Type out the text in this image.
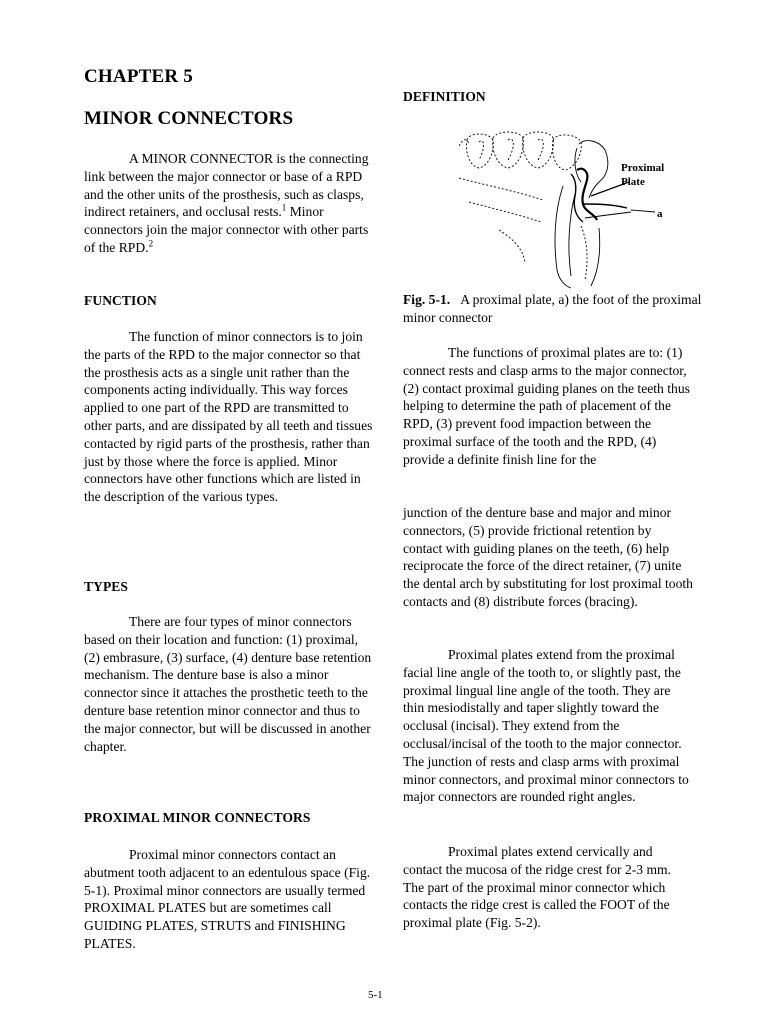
CHAPTER 5
MINOR CONNECTORS

A MINOR CONNECTOR is the connecting link between the major connector or base of a RPD and the other units of the prosthesis, such as clasps, indirect retainers, and occlusal rests.$^1$ Minor connectors join the major connector with other parts of the RPD.$^2$

FUNCTION

The function of minor connectors is to join the parts of the RPD to the major connector so that the prosthesis acts as a single unit rather than the components acting individually. This way forces applied to one part of the RPD are transmitted to other parts, and are dissipated by all teeth and tissues contacted by rigid parts of the prosthesis, rather than just by those where the force is applied. Minor connectors have other functions which are listed in the description of the various types.

TYPES

There are four types of minor connectors based on their location and function: (1) proximal, (2) embrasure, (3) surface, (4) denture base retention mechanism. The denture base is also a minor connector since it attaches the prosthetic teeth to the denture base retention minor connector and thus to the major connector, but will be discussed in another chapter.

PROXIMAL MINOR CONNECTORS

Proximal minor connectors contact an abutment tooth adjacent to an edentulous space (Fig. 5-1). Proximal minor connectors are usually termed PROXIMAL PLATES but are sometimes call GUIDING PLATES, STRUTS and FINISHING PLATES.

DEFINITION

Proximal
Plate
a

Fig. 5-1. A proximal plate, a) the foot of the proximal minor connector

The functions of proximal plates are to: (1) connect rests and clasp arms to the major connector, (2) contact proximal guiding planes on the teeth thus helping to determine the path of placement of the RPD, (3) prevent food impaction between the proximal surface of the tooth and the RPD, (4) provide a definite finish line for the

junction of the denture base and major and minor connectors, (5) provide frictional retention by contact with guiding planes on the teeth, (6) help reciprocate the force of the direct retainer, (7) unite the dental arch by substituting for lost proximal tooth contacts and (8) distribute forces (bracing).

Proximal plates extend from the proximal facial line angle of the tooth to, or slightly past, the proximal lingual line angle of the tooth. They are thin mesiodistally and taper slightly toward the occlusal (incisal). They extend from the occlusal/incisal of the tooth to the major connector. The junction of rests and clasp arms with proximal minor connectors, and proximal minor connectors to major connectors are rounded right angles.

Proximal plates extend cervically and contact the mucosa of the ridge crest for 2-3 mm. The part of the proximal minor connector which contacts the ridge crest is called the FOOT of the proximal plate (Fig. 5-2).

5-1
